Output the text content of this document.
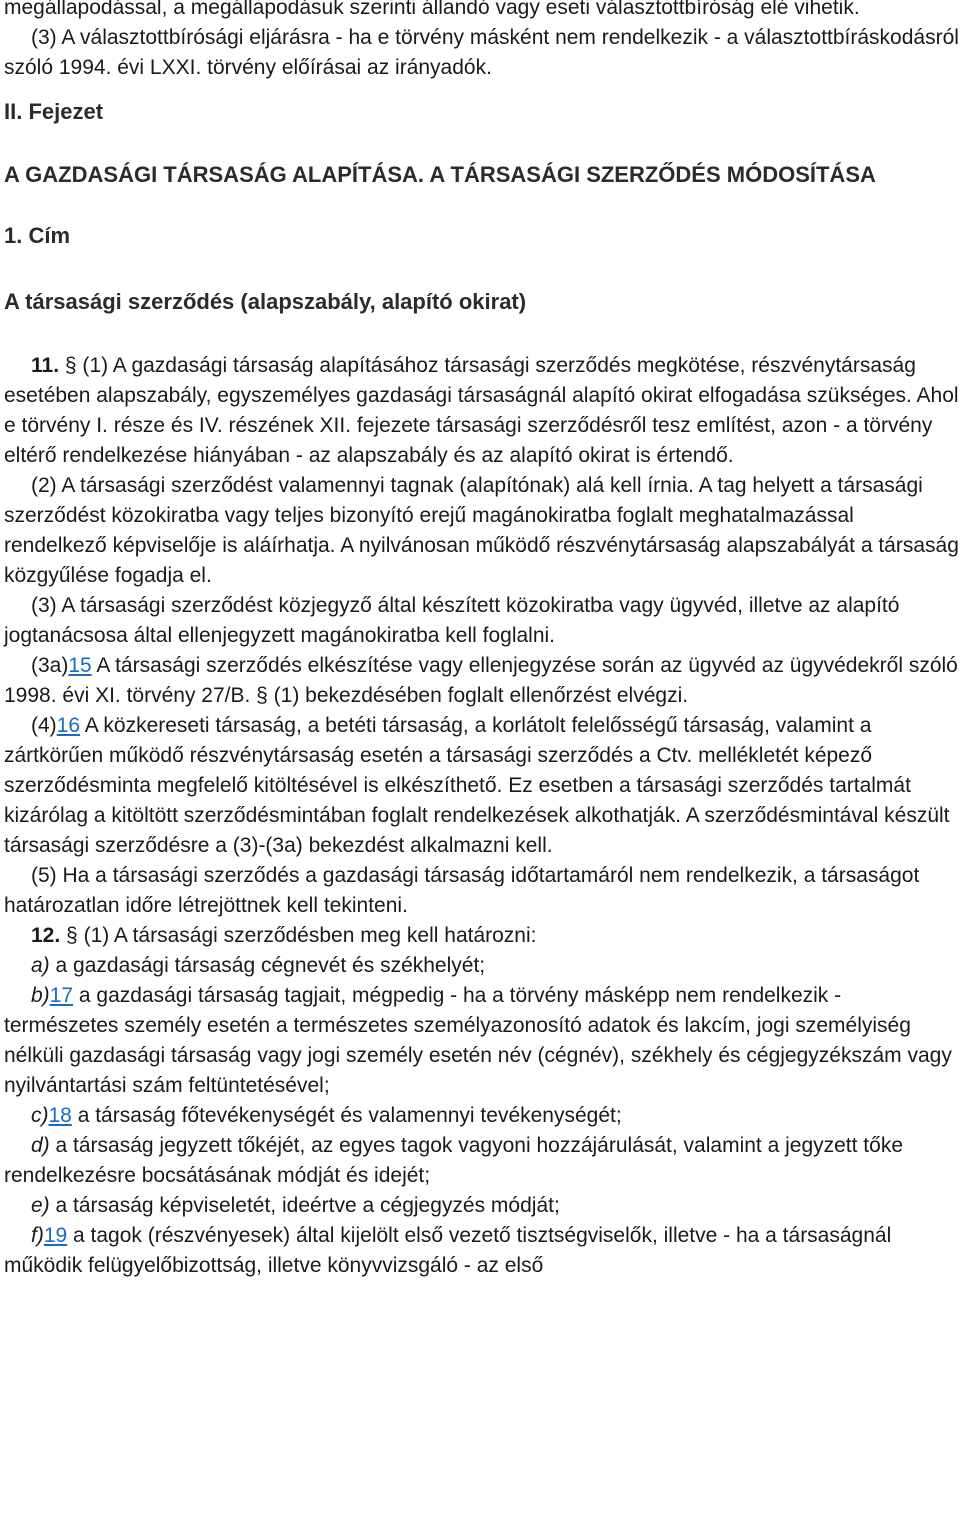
megállapodással, a megállapodásuk szerinti állandó vagy eseti választottbíróság elé vihetik.

(3) A választottbírósági eljárásra - ha e törvény másként nem rendelkezik - a választottbíráskodásról szóló 1994. évi LXXI. törvény előírásai az irányadók.

II. Fejezet

A GAZDASÁGI TÁRSASÁG ALAPÍTÁSA. A TÁRSASÁGI SZERZŐDÉS MÓDOSÍTÁSA

1. Cím

A társasági szerződés (alapszabály, alapító okirat)

11. § (1) A gazdasági társaság alapításához társasági szerződés megkötése, részvénytársaság esetében alapszabály, egyszemélyes gazdasági társaságnál alapító okirat elfogadása szükséges. Ahol e törvény I. része és IV. részének XII. fejezete társasági szerződésről tesz említést, azon - a törvény eltérő rendelkezése hiányában - az alapszabály és az alapító okirat is értendő.

(2) A társasági szerződést valamennyi tagnak (alapítónak) alá kell írnia. A tag helyett a társasági szerződést közokiratba vagy teljes bizonyító erejű magánokiratba foglalt meghatalmazással rendelkező képviselője is aláírhatja. A nyilvánosan működő részvénytársaság alapszabályát a társaság közgyűlése fogadja el.

(3) A társasági szerződést közjegyző által készített közokiratba vagy ügyvéd, illetve az alapító jogtanácsosa által ellenjegyzett magánokiratba kell foglalni.

(3a)15 A társasági szerződés elkészítése vagy ellenjegyzése során az ügyvéd az ügyvédekről szóló 1998. évi XI. törvény 27/B. § (1) bekezdésében foglalt ellenőrzést elvégzi.

(4)16 A közkereseti társaság, a betéti társaság, a korlátolt felelősségű társaság, valamint a zártkörűen működő részvénytársaság esetén a társasági szerződés a Ctv. mellékletét képező szerződésminta megfelelő kitöltésével is elkészíthető. Ez esetben a társasági szerződés tartalmát kizárólag a kitöltött szerződésmintában foglalt rendelkezések alkothatják. A szerződésmintával készült társasági szerződésre a (3)-(3a) bekezdést alkalmazni kell.

(5) Ha a társasági szerződés a gazdasági társaság időtartamáról nem rendelkezik, a társaságot határozatlan időre létrejöttnek kell tekinteni.

12. § (1) A társasági szerződésben meg kell határozni:

a) a gazdasági társaság cégnevét és székhelyét;

b)17 a gazdasági társaság tagjait, mégpedig - ha a törvény másképp nem rendelkezik - természetes személy esetén a természetes személyazonosító adatok és lakcím, jogi személyiség nélküli gazdasági társaság vagy jogi személy esetén név (cégnév), székhely és cégjegyzékszám vagy nyilvántartási szám feltüntetésével;

c)18 a társaság főtevékenységét és valamennyi tevékenységét;

d) a társaság jegyzett tőkéjét, az egyes tagok vagyoni hozzájárulását, valamint a jegyzett tőke rendelkezésre bocsátásának módját és idejét;

e) a társaság képviseletét, ideértve a cégjegyzés módját;

f)19 a tagok (részvényesek) által kijelölt első vezető tisztségviselők, illetve - ha a társaságnál működik felügyelőbizottság, illetve könyvvizsgáló - az első
